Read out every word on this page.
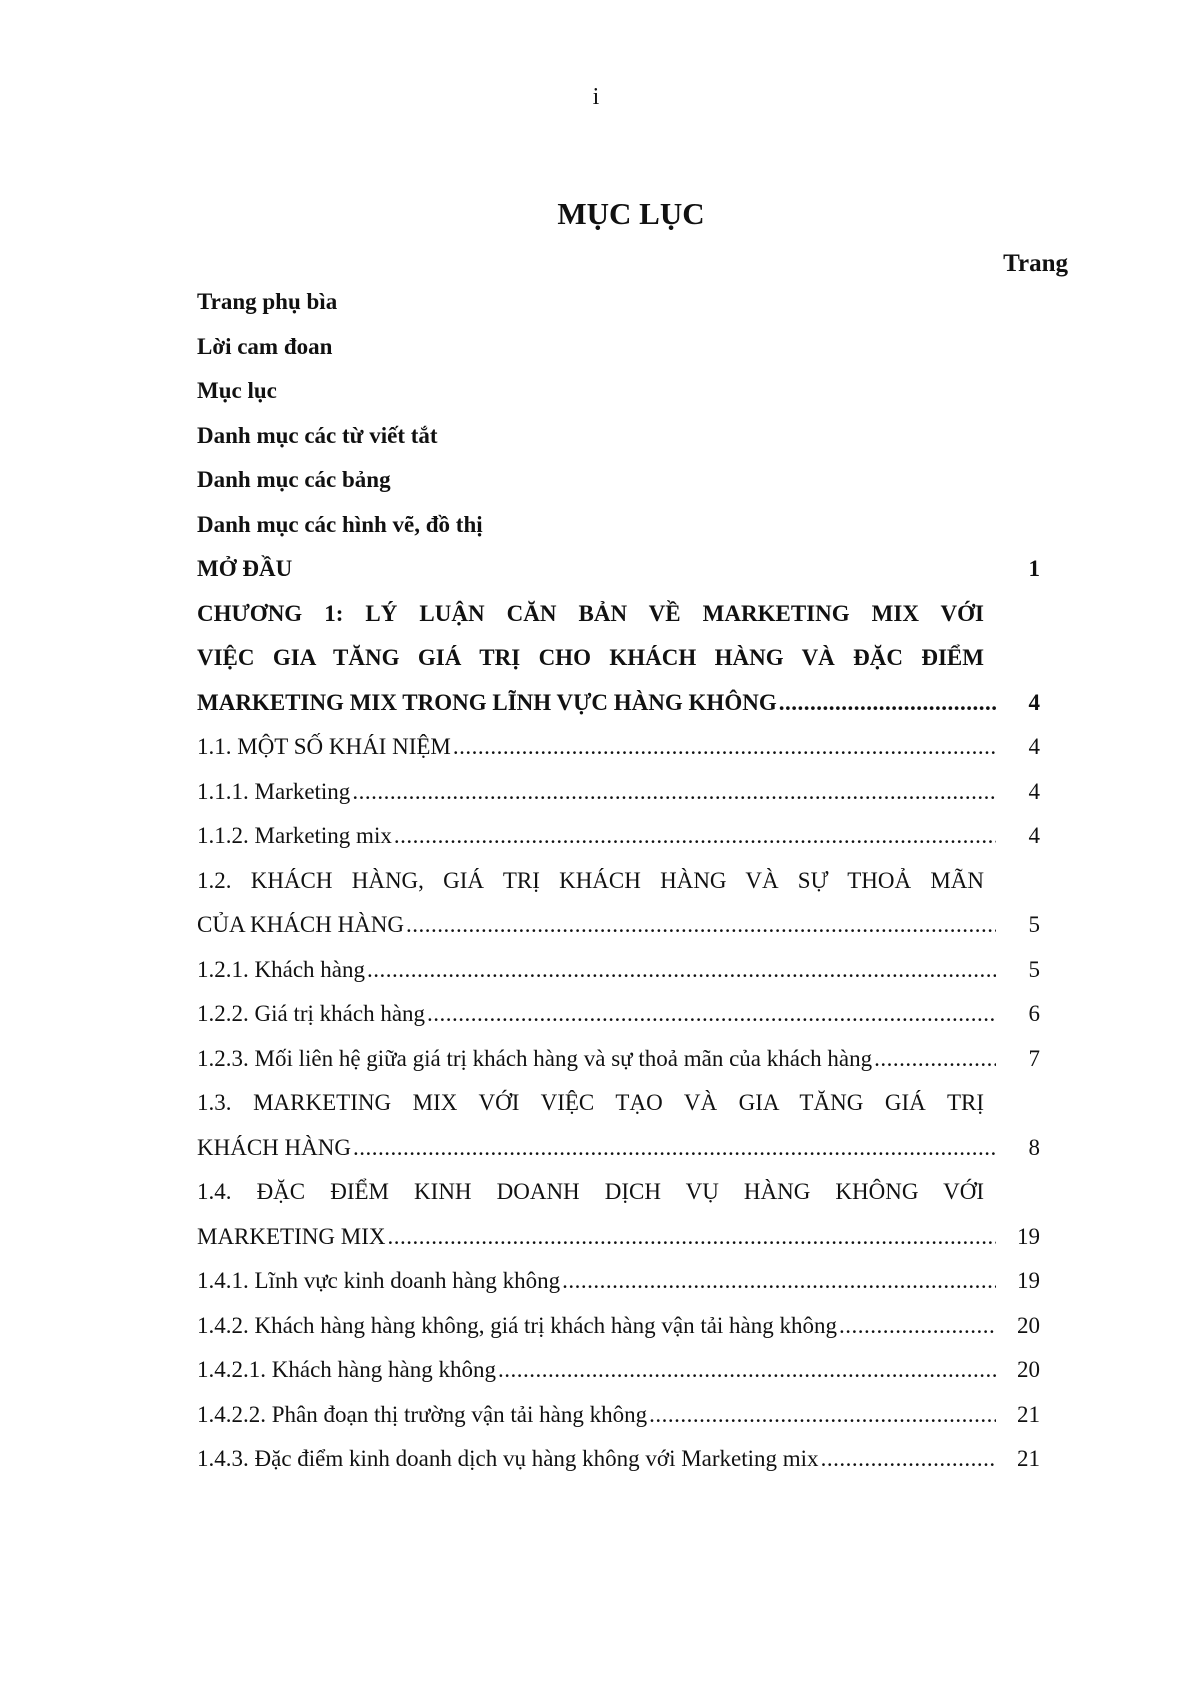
i
MỤC LỤC
Trang
Trang phụ bìa
Lời cam đoan
Mục lục
Danh mục các từ viết tắt
Danh mục các bảng
Danh mục các hình vẽ, đồ thị
MỞ ĐẦU	1
CHƯƠNG 1: LÝ LUẬN CĂN BẢN VỀ MARKETING MIX VỚI
VIỆC GIA TĂNG GIÁ TRỊ CHO KHÁCH HÀNG VÀ ĐẶC ĐIỂM
MARKETING MIX TRONG LĨNH VỰC HÀNG KHÔNG .....	4
1.1. MỘT SỐ KHÁI NIỆM .....	4
1.1.1. Marketing .....	4
1.1.2. Marketing mix .....	4
1.2. KHÁCH HÀNG, GIÁ TRỊ KHÁCH HÀNG VÀ SỰ THOẢ MÃN
CỦA KHÁCH HÀNG .....	5
1.2.1. Khách hàng .....	5
1.2.2. Giá trị khách hàng .....	6
1.2.3. Mối liên hệ giữa giá trị khách hàng và sự thoả mãn của khách hàng .....	7
1.3. MARKETING MIX VỚI VIỆC TẠO VÀ GIA TĂNG GIÁ TRỊ
KHÁCH HÀNG .....	8
1.4. ĐẶC ĐIỂM KINH DOANH DỊCH VỤ HÀNG KHÔNG VỚI
MARKETING MIX .....	19
1.4.1. Lĩnh vực kinh doanh hàng không .....	19
1.4.2. Khách hàng hàng không, giá trị khách hàng vận tải hàng không .....	20
1.4.2.1. Khách hàng hàng không .....	20
1.4.2.2. Phân đoạn thị trường vận tải hàng không .....	21
1.4.3. Đặc điểm kinh doanh dịch vụ hàng không với Marketing mix .....	21
